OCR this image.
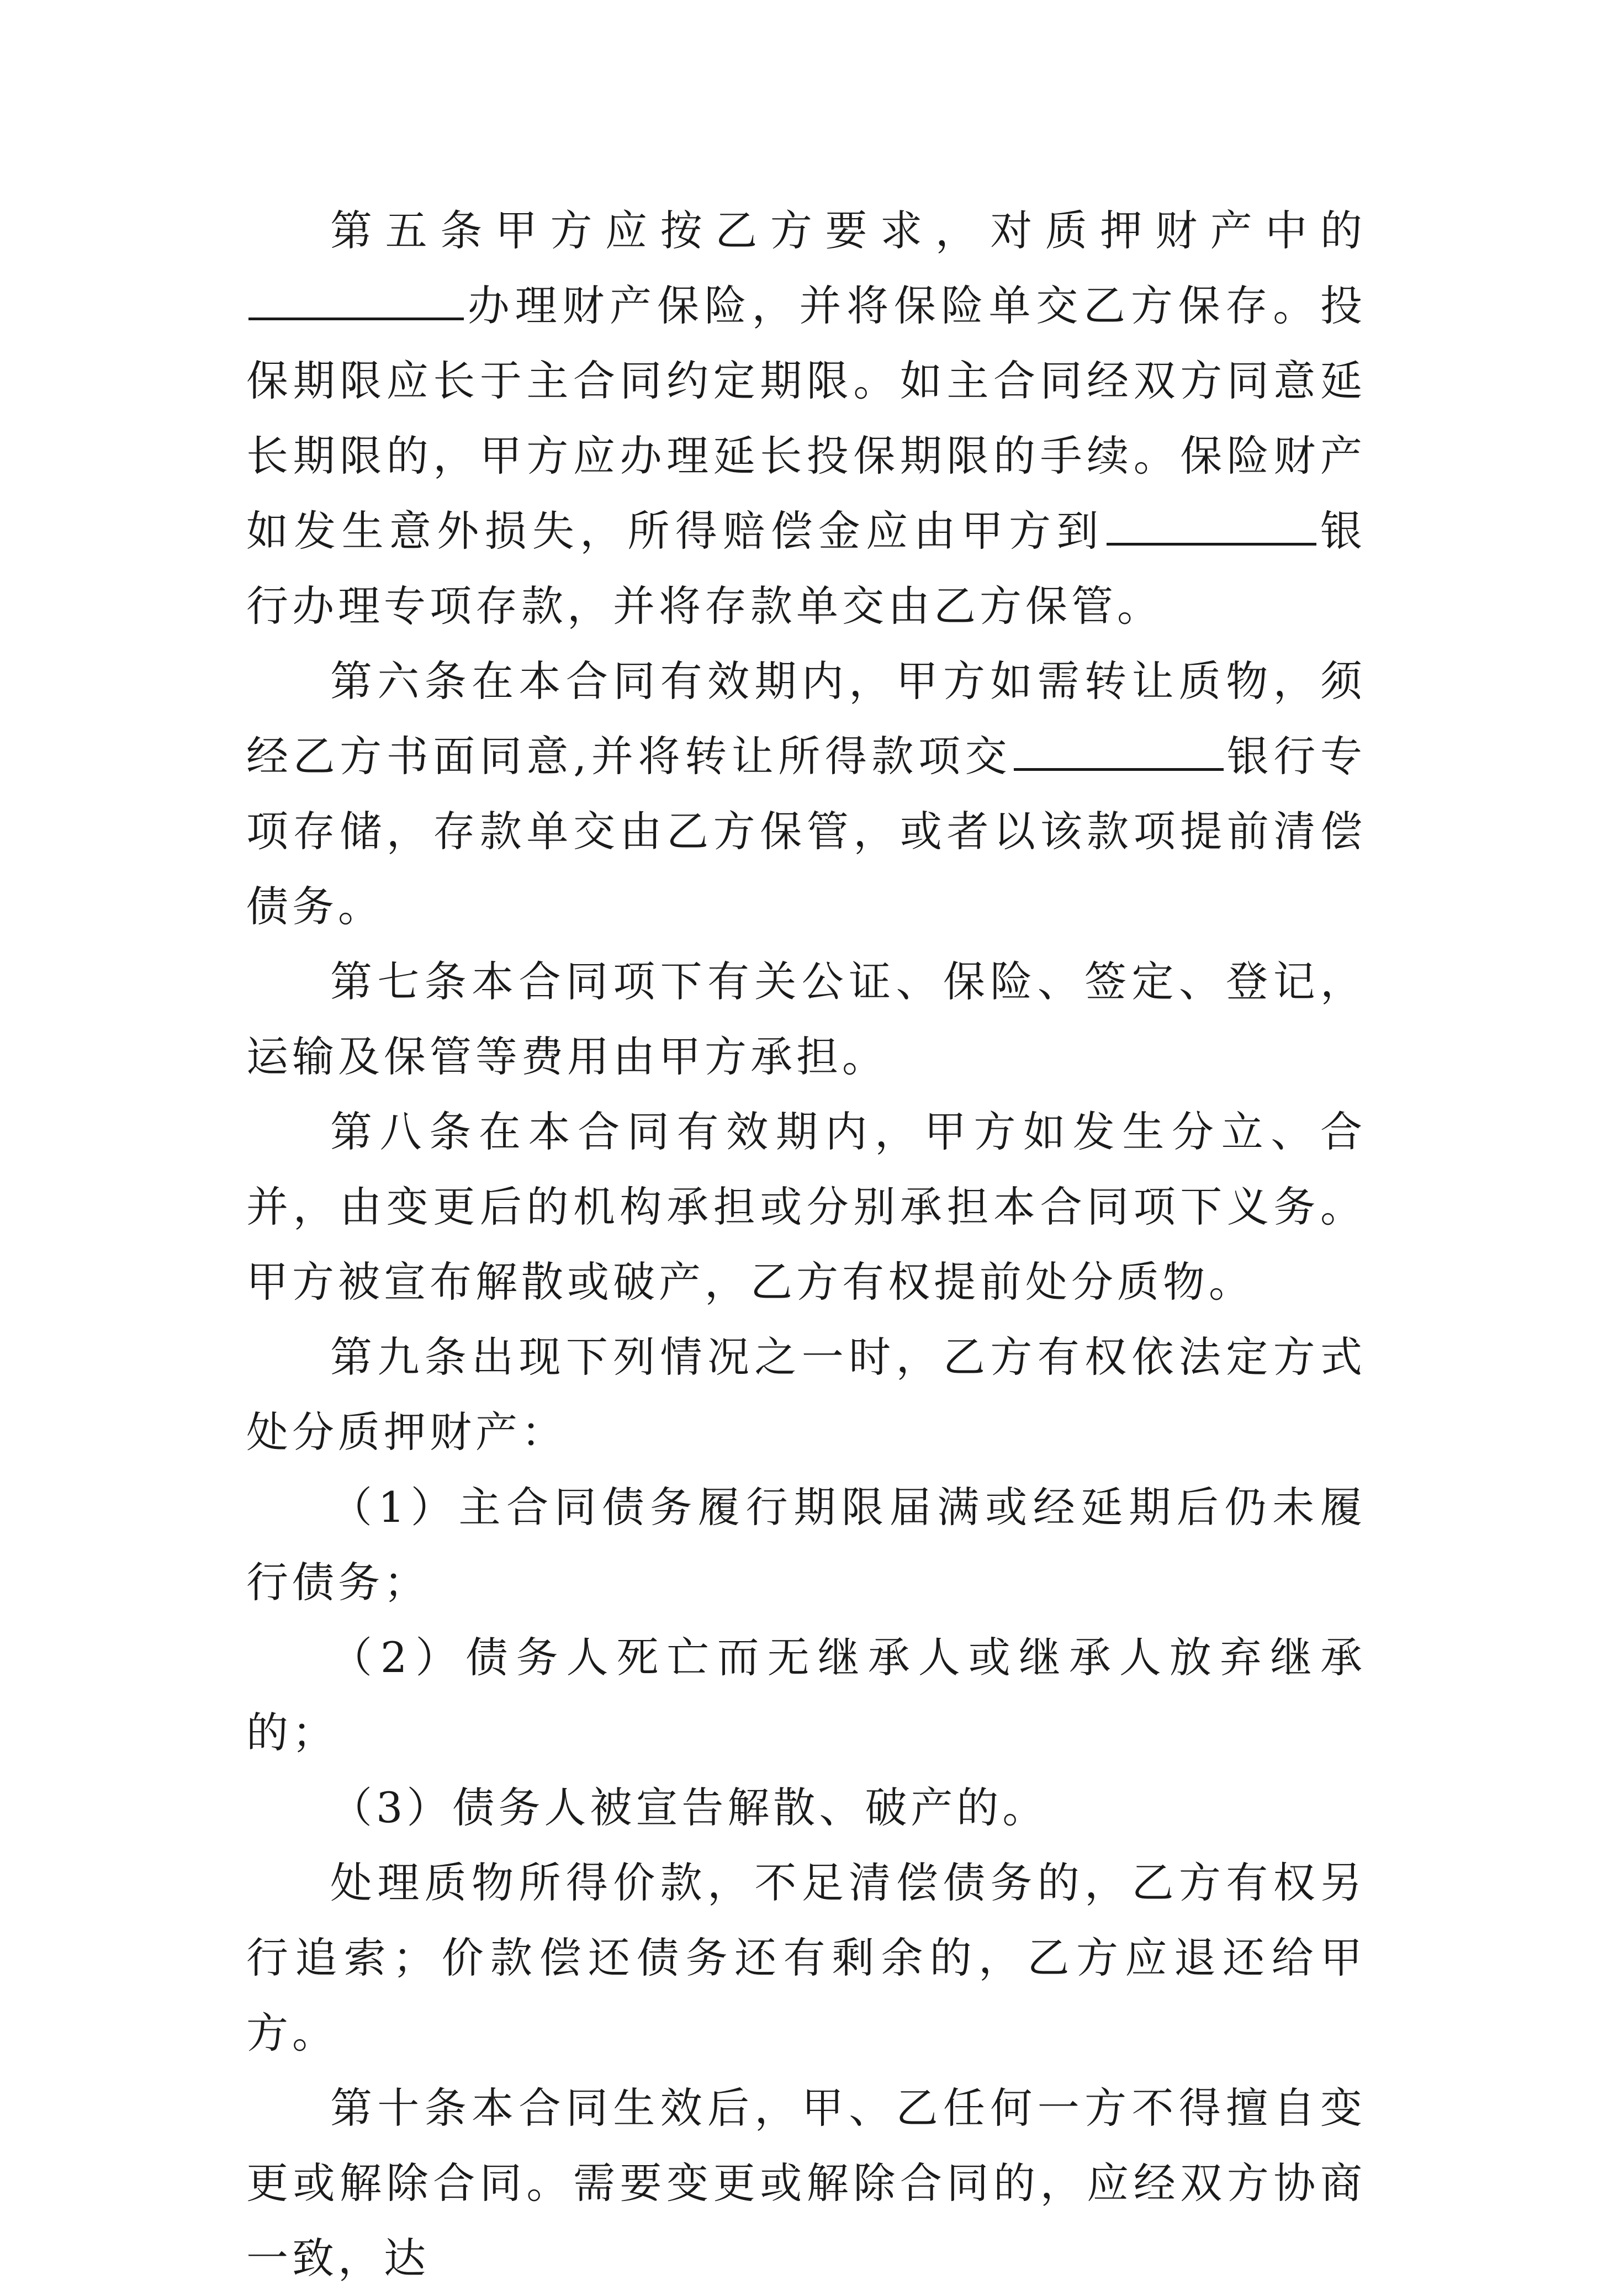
第五条甲方应按乙方要求，对质押财产中的办理财产保险，并将保险单交乙方保存。投保期限应长于主合同约定期限。如主合同经双方同意延长期限的，甲方应办理延长投保期限的手续。保险财产如发生意外损失，所得赔偿金应由甲方到	银行办理专项存款，并将存款单交由乙方保管。

第六条在本合同有效期内，甲方如需转让质物，须经乙方书面同意,并将转让所得款项交	银行专项存储，存款单交由乙方保管，或者以该款项提前清偿债务。

第七条本合同项下有关公证、保险、签定、登记，运输及保管等费用由甲方承担。

第八条在本合同有效期内，甲方如发生分立、合并，由变更后的机构承担或分别承担本合同项下义务。甲方被宣布解散或破产，乙方有权提前处分质物。

第九条出现下列情况之一时，乙方有权依法定方式处分质押财产：

（1）主合同债务履行期限届满或经延期后仍未履行债务；

（2）债务人死亡而无继承人或继承人放弃继承的；

（3）债务人被宣告解散、破产的。

处理质物所得价款，不足清偿债务的，乙方有权另行追索；价款偿还债务还有剩余的，乙方应退还给甲方。

第十条本合同生效后，甲、乙任何一方不得擅自变更或解除合同。需要变更或解除合同的，应经双方协商一致，达
